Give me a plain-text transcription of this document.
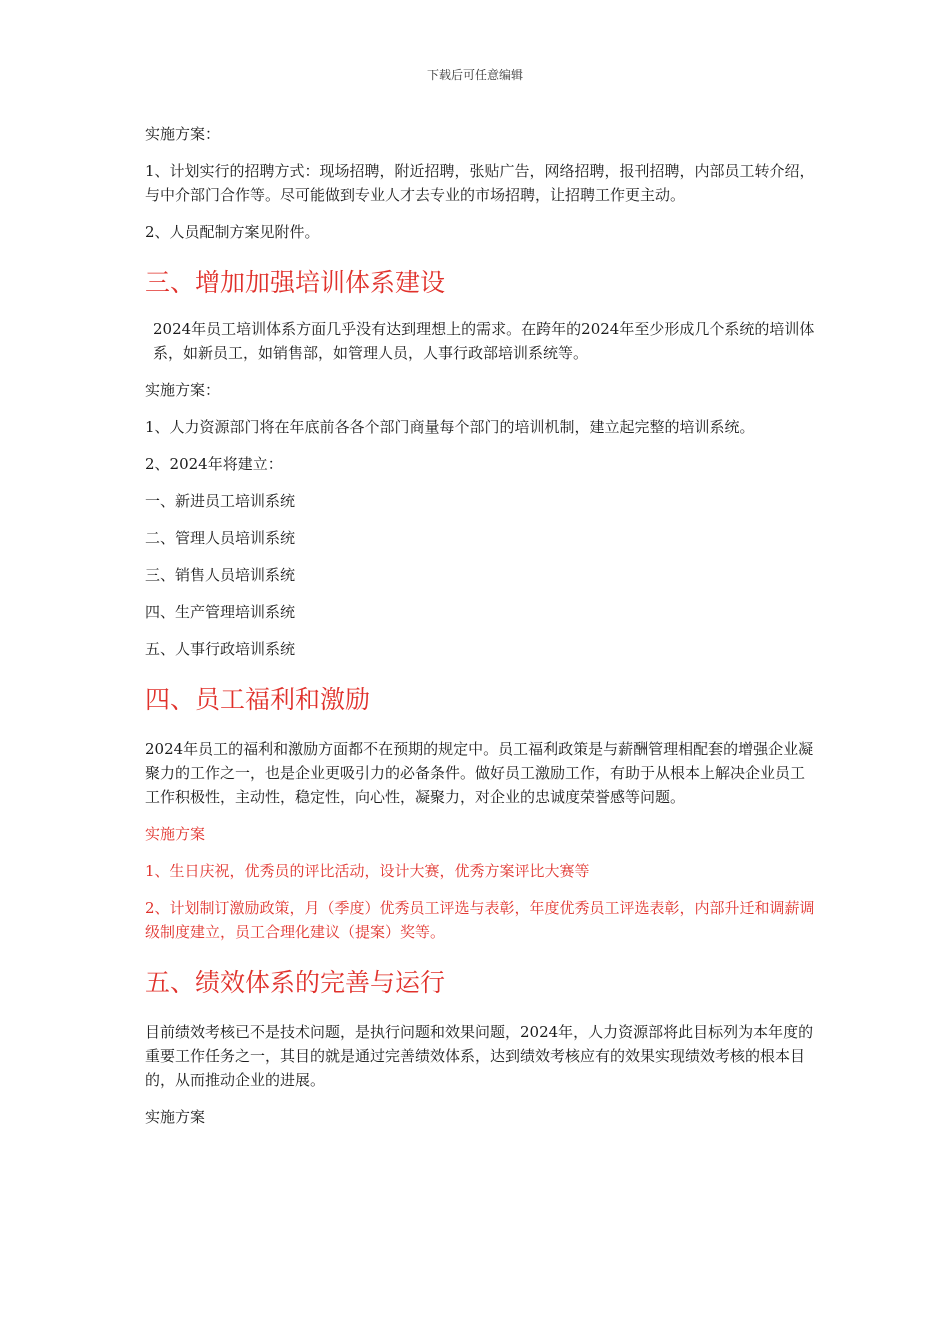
下载后可任意编辑

实施方案：

1、计划实行的招聘方式：现场招聘，附近招聘，张贴广告，网络招聘，报刊招聘，内部员工转介绍，与中介部门合作等。尽可能做到专业人才去专业的市场招聘，让招聘工作更主动。

2、人员配制方案见附件。

三、增加加强培训体系建设

2024年员工培训体系方面几乎没有达到理想上的需求。在跨年的2024年至少形成几个系统的培训体系，如新员工，如销售部，如管理人员，人事行政部培训系统等。

实施方案：

1、人力资源部门将在年底前各各个部门商量每个部门的培训机制，建立起完整的培训系统。

2、2024年将建立：

一、新进员工培训系统

二、管理人员培训系统

三、销售人员培训系统

四、生产管理培训系统

五、人事行政培训系统

四、员工福利和激励

2024年员工的福利和激励方面都不在预期的规定中。员工福利政策是与薪酬管理相配套的增强企业凝聚力的工作之一，也是企业更吸引力的必备条件。做好员工激励工作，有助于从根本上解决企业员工工作积极性，主动性，稳定性，向心性，凝聚力，对企业的忠诚度荣誉感等问题。

实施方案

1、生日庆祝，优秀员的评比活动，设计大赛，优秀方案评比大赛等

2、计划制订激励政策，月（季度）优秀员工评选与表彰，年度优秀员工评选表彰，内部升迁和调薪调级制度建立，员工合理化建议（提案）奖等。

五、绩效体系的完善与运行

目前绩效考核已不是技术问题，是执行问题和效果问题，2024年，人力资源部将此目标列为本年度的重要工作任务之一，其目的就是通过完善绩效体系，达到绩效考核应有的效果实现绩效考核的根本目的，从而推动企业的进展。

实施方案
